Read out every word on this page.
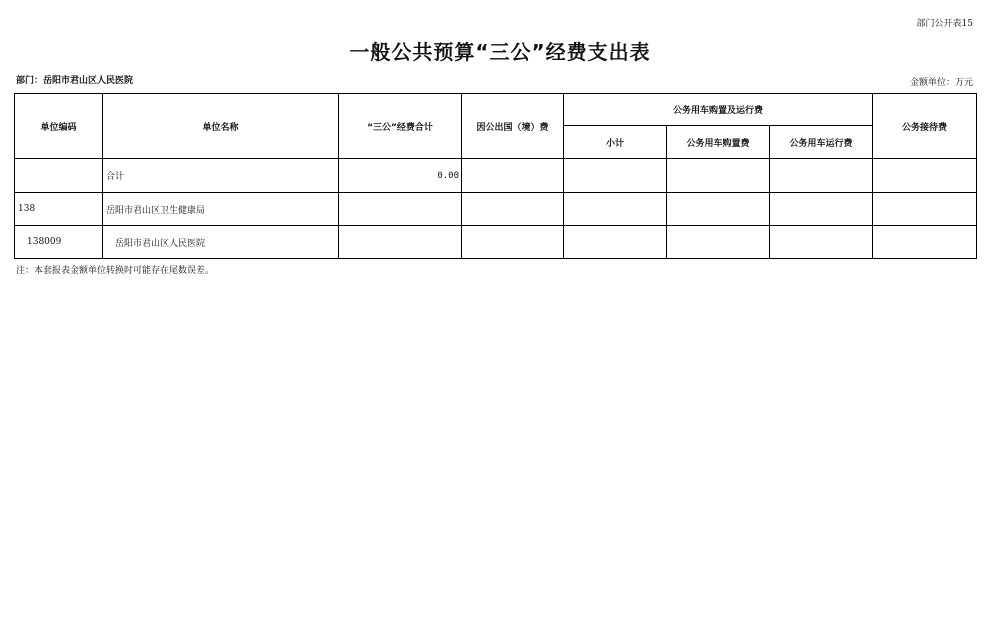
部门公开表15
一般公共预算“三公”经费支出表
部门：岳阳市君山区人民医院	金额单位：万元
单位编码	单位名称	“三公”经费合计	因公出国（境）费	公务用车购置及运行费			公务接待费
				小计	公务用车购置费	公务用车运行费	
	合计	0.00					
138	岳阳市君山区卫生健康局						
138009	岳阳市君山区人民医院						
注：本套报表金额单位转换时可能存在尾数误差。
